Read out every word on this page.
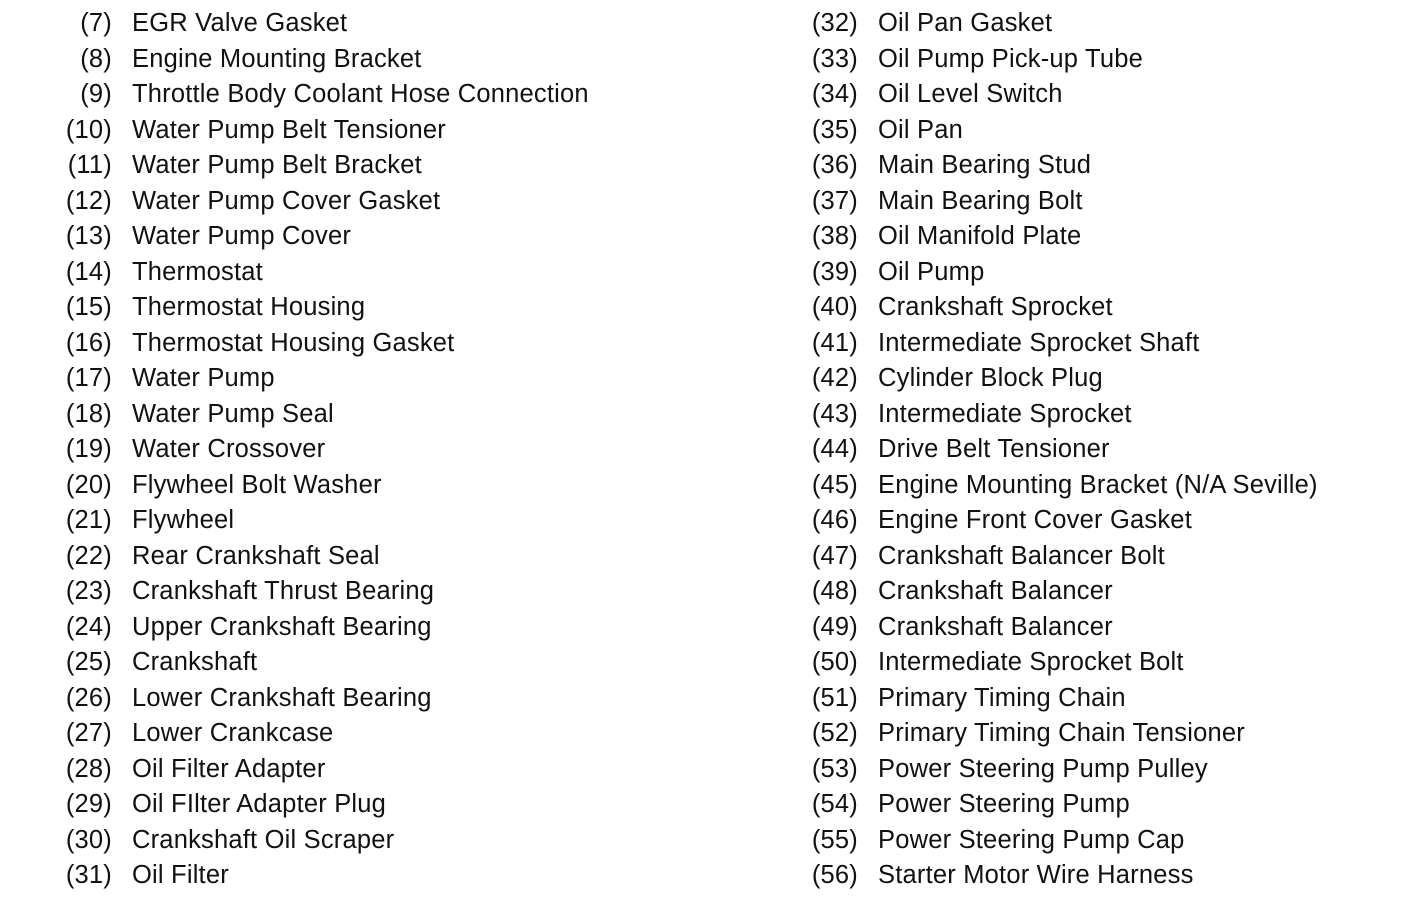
(7) EGR Valve Gasket
(8) Engine Mounting Bracket
(9) Throttle Body Coolant Hose Connection
(10) Water Pump Belt Tensioner
(11) Water Pump Belt Bracket
(12) Water Pump Cover Gasket
(13) Water Pump Cover
(14) Thermostat
(15) Thermostat Housing
(16) Thermostat Housing Gasket
(17) Water Pump
(18) Water Pump Seal
(19) Water Crossover
(20) Flywheel Bolt Washer
(21) Flywheel
(22) Rear Crankshaft Seal
(23) Crankshaft Thrust Bearing
(24) Upper Crankshaft Bearing
(25) Crankshaft
(26) Lower Crankshaft Bearing
(27) Lower Crankcase
(28) Oil Filter Adapter
(29) Oil FIlter Adapter Plug
(30) Crankshaft Oil Scraper
(31) Oil Filter
(32) Oil Pan Gasket
(33) Oil Pump Pick-up Tube
(34) Oil Level Switch
(35) Oil Pan
(36) Main Bearing Stud
(37) Main Bearing Bolt
(38) Oil Manifold Plate
(39) Oil Pump
(40) Crankshaft Sprocket
(41) Intermediate Sprocket Shaft
(42) Cylinder Block Plug
(43) Intermediate Sprocket
(44) Drive Belt Tensioner
(45) Engine Mounting Bracket (N/A Seville)
(46) Engine Front Cover Gasket
(47) Crankshaft Balancer Bolt
(48) Crankshaft Balancer
(49) Crankshaft Balancer
(50) Intermediate Sprocket Bolt
(51) Primary Timing Chain
(52) Primary Timing Chain Tensioner
(53) Power Steering Pump Pulley
(54) Power Steering Pump
(55) Power Steering Pump Cap
(56) Starter Motor Wire Harness
